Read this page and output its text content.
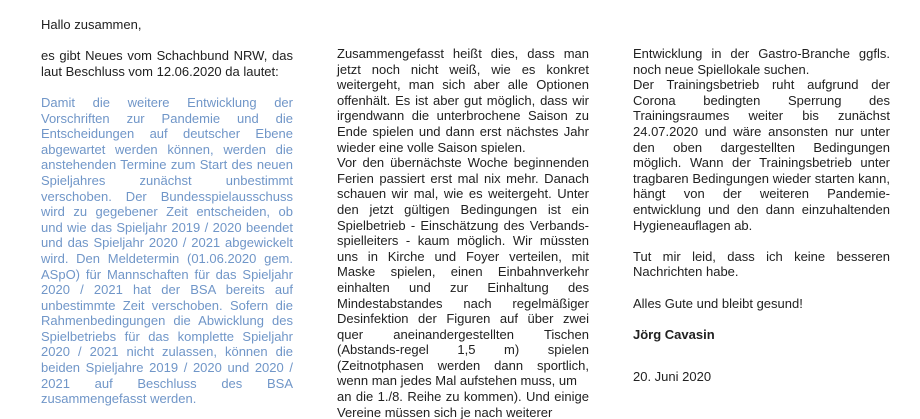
Hallo zusammen,

es gibt Neues vom Schachbund NRW, das laut Beschluss vom 12.06.2020 da lautet:

Damit die weitere Entwicklung der Vorschriften zur Pandemie und die Entscheidungen auf deutscher Ebene abgewartet werden können, werden die anstehenden Termine zum Start des neuen Spieljahres zunächst unbestimmt verschoben. Der Bundesspielausschuss wird zu gegebener Zeit entscheiden, ob und wie das Spieljahr 2019 / 2020 beendet und das Spieljahr 2020 / 2021 abgewickelt wird. Den Meldetermin (01.06.2020 gem. ASpO) für Mannschaften für das Spieljahr 2020 / 2021 hat der BSA bereits auf unbestimmte Zeit verschoben. Sofern die Rahmenbedingungen die Abwicklung des Spielbetriebs für das komplette Spieljahr 2020 / 2021 nicht zulassen, können die beiden Spieljahre 2019 / 2020 und 2020 / 2021 auf Beschluss des BSA zusammengefasst werden.

Zusammengefasst heißt dies, dass man jetzt noch nicht weiß, wie es konkret weitergeht, man sich aber alle Optionen offenhält. Es ist aber gut möglich, dass wir irgendwann die unterbrochene Saison zu Ende spielen und dann erst nächstes Jahr wieder eine volle Saison spielen.

Vor den übernächste Woche beginnenden Ferien passiert erst mal nix mehr. Danach schauen wir mal, wie es weitergeht. Unter den jetzt gültigen Bedingungen ist ein Spielbetrieb - Einschätzung des Verbands-spielleiters - kaum möglich. Wir müssten uns in Kirche und Foyer verteilen, mit Maske spielen, einen Einbahnverkehr einhalten und zur Einhaltung des Mindestabstandes nach regelmäßiger Desinfektion der Figuren auf über zwei quer aneinandergestellten Tischen (Abstands-regel 1,5 m) spielen (Zeitnotphasen werden dann sportlich, wenn man jedes Mal aufstehen muss, um

an die 1./8. Reihe zu kommen). Und einige Vereine müssen sich je nach weiterer

Entwicklung in der Gastro-Branche ggfls. noch neue Spiellokale suchen.

Der Trainingsbetrieb ruht aufgrund der Corona bedingten Sperrung des Trainingsraumes weiter bis zunächst 24.07.2020 und wäre ansonsten nur unter den oben dargestellten Bedingungen möglich. Wann der Trainingsbetrieb unter tragbaren Bedingungen wieder starten kann, hängt von der weiteren Pandemie-entwicklung und den dann einzuhaltenden Hygieneauflagen ab.

Tut mir leid, dass ich keine besseren Nachrichten habe.

Alles Gute und bleibt gesund!

Jörg Cavasin

20. Juni 2020
